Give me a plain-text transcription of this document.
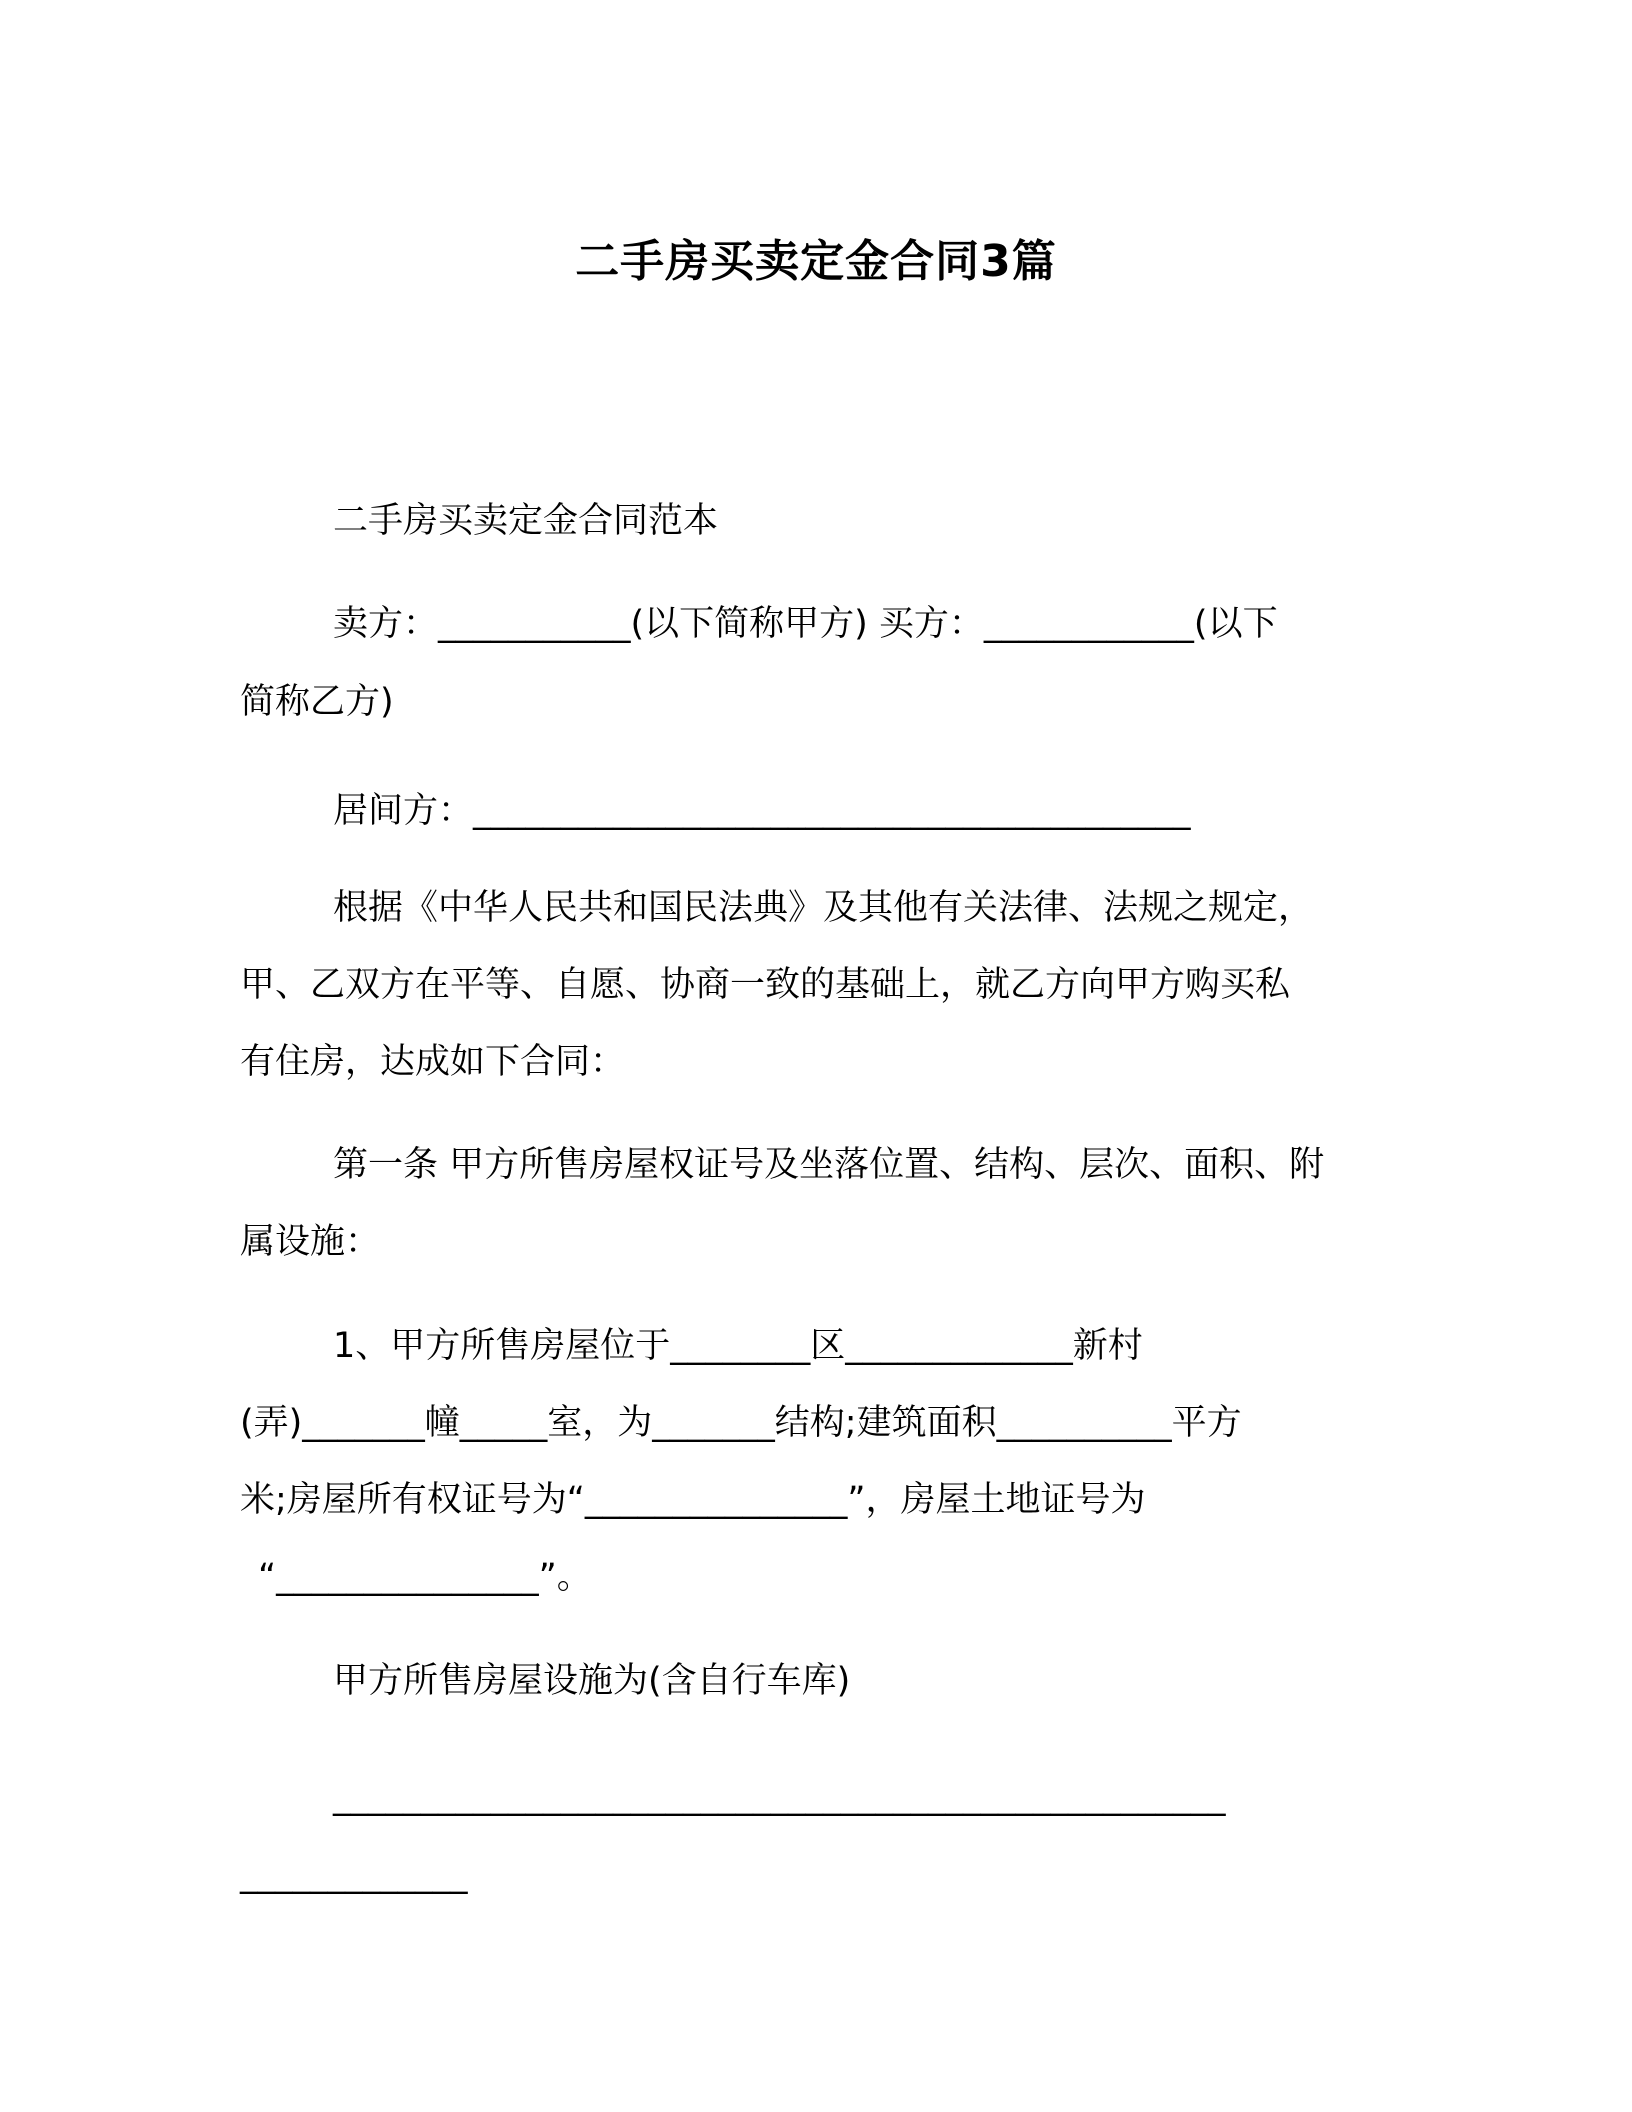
二手房买卖定金合同3篇
二手房买卖定金合同范本
卖方：___________(以下简称甲方) 买方：____________(以下
简称乙方)
居间方：_________________________________________
根据《中华人民共和国民法典》及其他有关法律、法规之规定，
甲、乙双方在平等、自愿、协商一致的基础上，就乙方向甲方购买私
有住房，达成如下合同：
第一条 甲方所售房屋权证号及坐落位置、结构、层次、面积、附
属设施：
1、甲方所售房屋位于________区_____________新村
(弄)_______幢_____室，为_______结构;建筑面积__________平方
米;房屋所有权证号为“_______________”，房屋土地证号为
“_______________”。
甲方所售房屋设施为(含自行车库)
___________________________________________________
_____________
